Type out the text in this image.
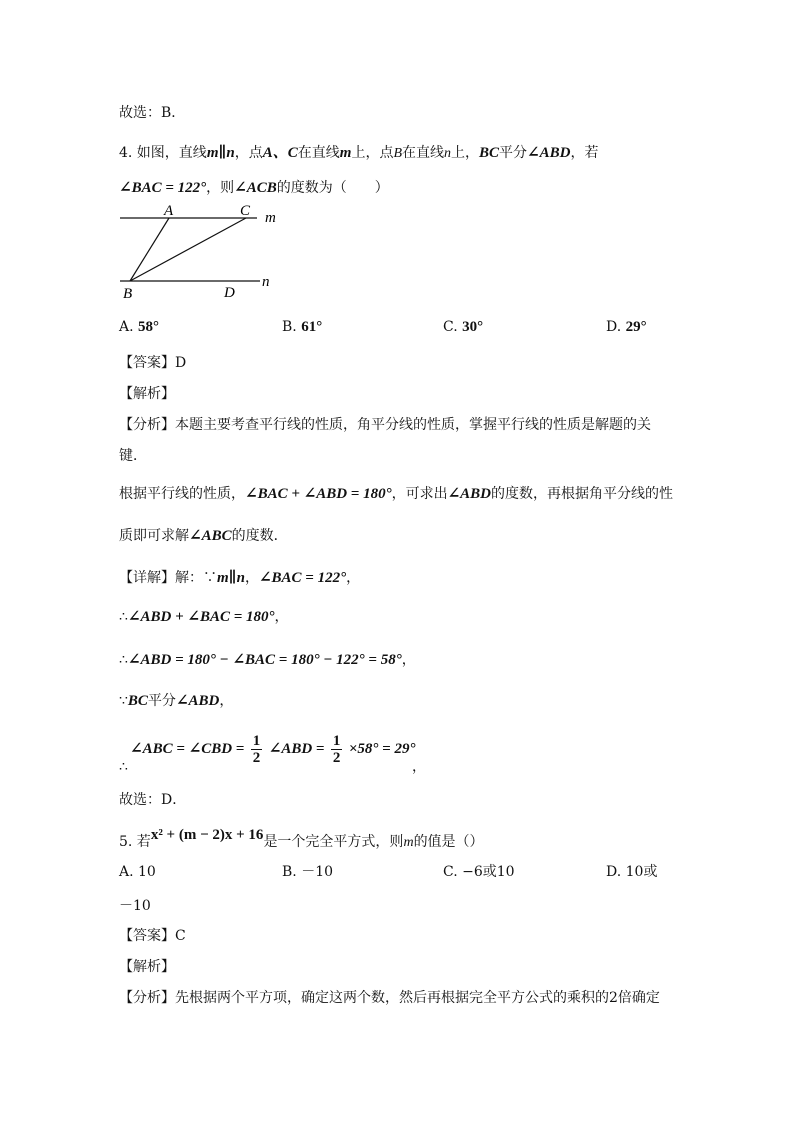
故选：B．
4. 如图，直线m∥n，点A、C在直线m上，点B在直线n上，BC平分∠ABD，若
∠BAC = 122°，则∠ACB的度数为（　　）
A	C m
B	D
n
A. 58°	B. 61°	C. 30°	D. 29°
【答案】D
【解析】
【分析】本题主要考查平行线的性质，角平分线的性质，掌握平行线的性质是解题的关
键．
根据平行线的性质，∠BAC + ∠ABD = 180°，可求出∠ABD的度数，再根据角平分线的性
质即可求解∠ABC的度数．
【详解】解：∵m∥n，∠BAC = 122°，
∴∠ABD + ∠BAC = 180°，
∴∠ABD = 180° − ∠BAC = 180° − 122° = 58°，
∵BC平分∠ABD，
∴
∠ABC = ∠CBD = $\frac{1}{2}$ ∠ABD = $\frac{1}{2} \times 58^\circ = 29^\circ$
，
故选：D．
5. 若x² + (m − 2)x + 16是一个完全平方式，则m的值是（）
A. 10	B. －10	C. −6或10	D. 10或
－10
【答案】C
【解析】
【分析】先根据两个平方项，确定这两个数，然后再根据完全平方公式的乘积的2倍确定
